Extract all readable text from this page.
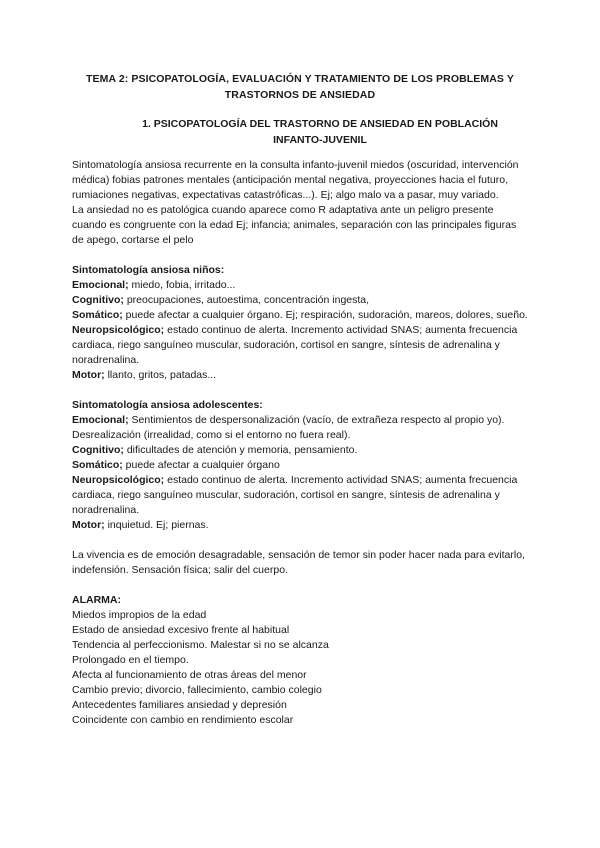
TEMA 2: PSICOPATOLOGÍA, EVALUACIÓN Y TRATAMIENTO DE LOS PROBLEMAS Y
TRASTORNOS DE ANSIEDAD
1. PSICOPATOLOGÍA DEL TRASTORNO DE ANSIEDAD EN POBLACIÓN
INFANTO-JUVENIL

Sintomatología ansiosa recurrente en la consulta infanto-juvenil miedos (oscuridad, intervención médica) fobias patrones mentales (anticipación mental negativa, proyecciones hacia el futuro, rumiaciones negativas, expectativas catastróficas...). Ej; algo malo va a pasar, muy variado.

La ansiedad no es patológica cuando aparece como R adaptativa ante un peligro presente cuando es congruente con la edad Ej; infancia; animales, separación con las principales figuras de apego, cortarse el pelo

Sintomatología ansiosa niños:

Emocional; miedo, fobia, irritado...

Cognitivo; preocupaciones, autoestima, concentración ingesta,

Somático; puede afectar a cualquier órgano. Ej; respiración, sudoración, mareos, dolores, sueño.

Neuropsicológico; estado continuo de alerta. Incremento actividad SNAS; aumenta frecuencia cardiaca, riego sanguíneo muscular, sudoración, cortisol en sangre, síntesis de adrenalina y noradrenalina.

Motor; llanto, gritos, patadas...

Sintomatología ansiosa adolescentes:

Emocional; Sentimientos de despersonalización (vacío, de extrañeza respecto al propio yo). Desrealización (irrealidad, como si el entorno no fuera real).

Cognitivo; dificultades de atención y memoria, pensamiento.

Somático; puede afectar a cualquier órgano

Neuropsicológico; estado continuo de alerta. Incremento actividad SNAS; aumenta frecuencia cardiaca, riego sanguíneo muscular, sudoración, cortisol en sangre, síntesis de adrenalina y noradrenalina.

Motor; inquietud. Ej; piernas.

La vivencia es de emoción desagradable, sensación de temor sin poder hacer nada para evitarlo, indefensión. Sensación física; salir del cuerpo.

ALARMA:

Miedos impropios de la edad

Estado de ansiedad excesivo frente al habitual

Tendencia al perfeccionismo. Malestar si no se alcanza

Prolongado en el tiempo.

Afecta al funcionamiento de otras áreas del menor

Cambio previo; divorcio, fallecimiento, cambio colegio

Antecedentes familiares ansiedad y depresión

Coincidente con cambio en rendimiento escolar
